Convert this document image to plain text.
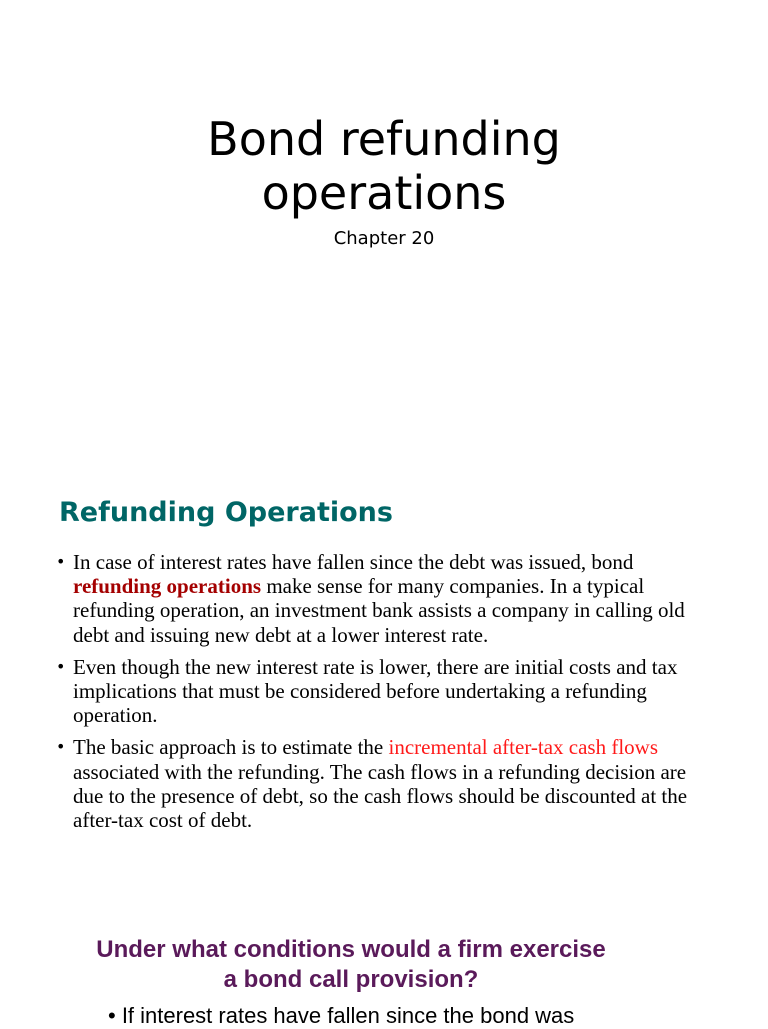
Bond refunding
operations
Chapter 20
Refunding Operations
• In case of interest rates have fallen since the debt was issued, bond refunding operations make sense for many companies. In a typical refunding operation, an investment bank assists a company in calling old debt and issuing new debt at a lower interest rate.
• Even though the new interest rate is lower, there are initial costs and tax implications that must be considered before undertaking a refunding operation.
• The basic approach is to estimate the incremental after-tax cash flows associated with the refunding. The cash flows in a refunding decision are due to the presence of debt, so the cash flows should be discounted at the after-tax cost of debt.
Under what conditions would a firm exercise
a bond call provision?
• If interest rates have fallen since the bond was
